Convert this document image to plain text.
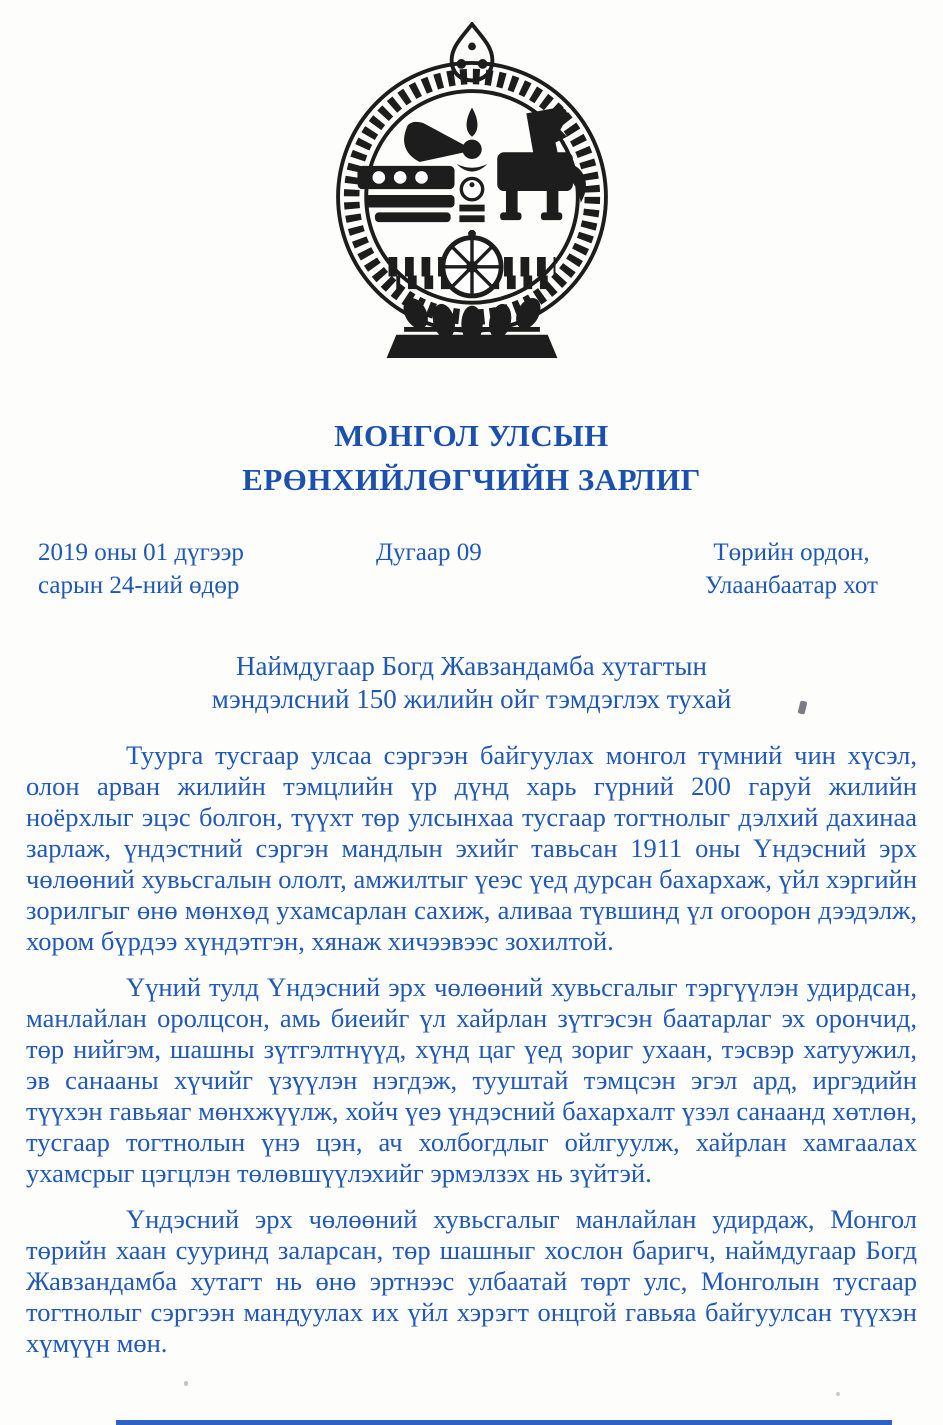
МОНГОЛ УЛСЫН
ЕРӨНХИЙЛӨГЧИЙН ЗАРЛИГ
2019 оны 01 дүгээр
сарын 24-ний өдөр
Дугаар 09	Төрийн ордон,
Улаанбаатар хот
Наймдугаар Богд Жавзандамба хутагтын
мэндэлсний 150 жилийн ойг тэмдэглэх тухай

Туурга тусгаар улсаа сэргээн байгуулах монгол түмний чин хүсэл, олон арван жилийн тэмцлийн үр дүнд харь гүрний 200 гаруй жилийн ноёрхлыг эцэс болгон, түүхт төр улсынхаа тусгаар тогтнолыг дэлхий дахинаа зарлаж, үндэстний сэргэн мандлын эхийг тавьсан 1911 оны Үндэсний эрх чөлөөний хувьсгалын ололт, амжилтыг үеэс үед дурсан бахархаж, үйл хэргийн зорилгыг өнө мөнхөд ухамсарлан сахиж, аливаа түвшинд үл огоорон дээдэлж, хором бүрдээ хүндэтгэн, хянаж хичээвээс зохилтой.

Үүний тулд Үндэсний эрх чөлөөний хувьсгалыг тэргүүлэн удирдсан, манлайлан оролцсон, амь биеийг үл хайрлан зүтгэсэн баатарлаг эх орончид, төр нийгэм, шашны зүтгэлтнүүд, хүнд цаг үед зориг ухаан, тэсвэр хатуужил, эв санааны хүчийг үзүүлэн нэгдэж, тууштай тэмцсэн эгэл ард, иргэдийн түүхэн гавьяаг мөнхжүүлж, хойч үеэ үндэсний бахархалт үзэл санаанд хөтлөн, тусгаар тогтнолын үнэ цэн, ач холбогдлыг ойлгуулж, хайрлан хамгаалах ухамсрыг цэгцлэн төлөвшүүлэхийг эрмэлзэх нь зүйтэй.

Үндэсний эрх чөлөөний хувьсгалыг манлайлан удирдаж, Монгол төрийн хаан сууринд заларсан, төр шашныг хослон баригч, наймдугаар Богд Жавзандамба хутагт нь өнө эртнээс улбаатай төрт улс, Монголын тусгаар тогтнолыг сэргээн мандуулах их үйл хэрэгт онцгой гавьяа байгуулсан түүхэн хүмүүн мөн.
